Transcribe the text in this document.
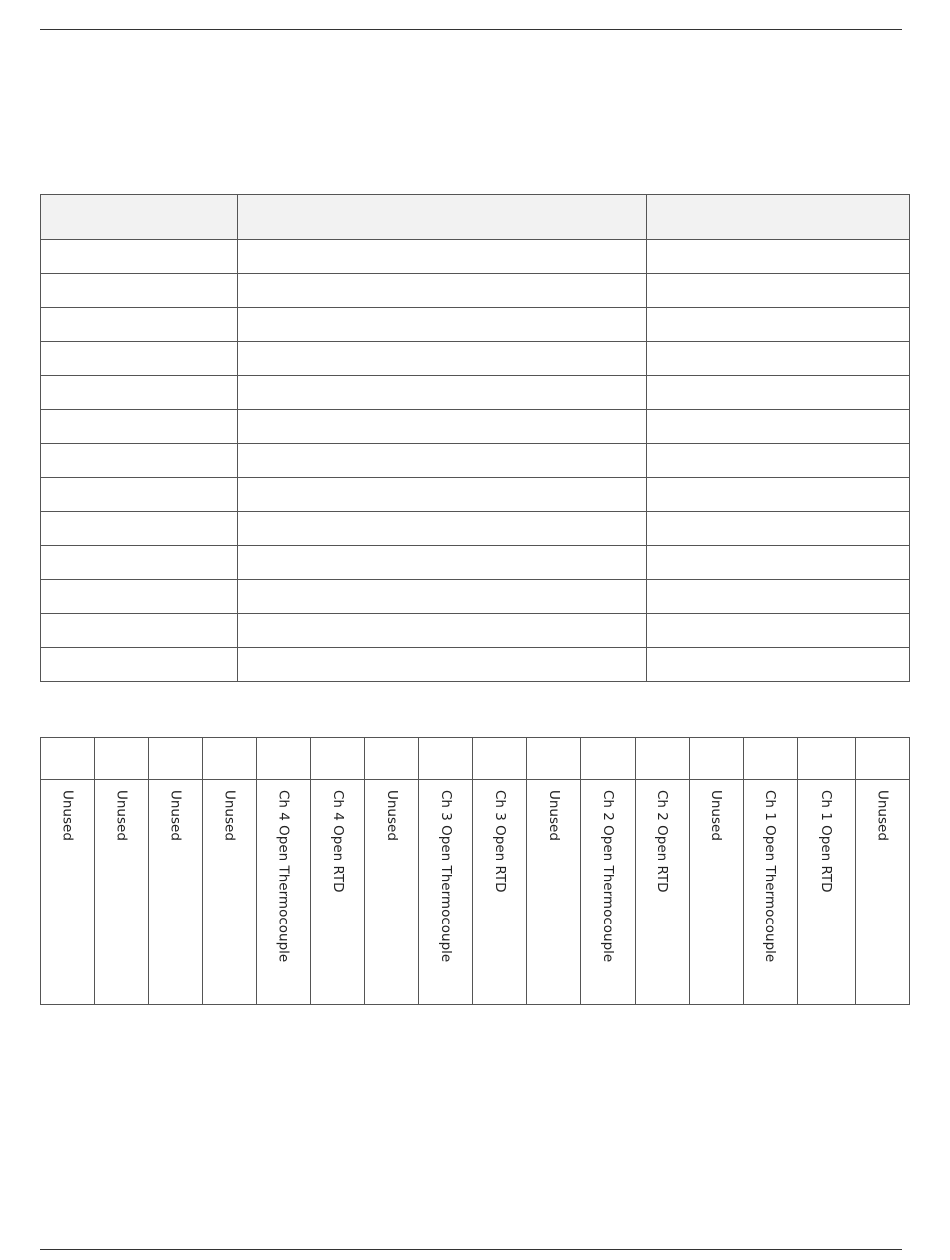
Unused	Unused	Unused	Unused	Ch 4 Open Thermocouple	Ch 4 Open RTD	Unused	Ch 3 Open Thermocouple	Ch 3 Open RTD	Unused	Ch 2 Open Thermocouple	Ch 2 Open RTD	Unused	Ch 1 Open Thermocouple	Ch 1 Open RTD	Unused
